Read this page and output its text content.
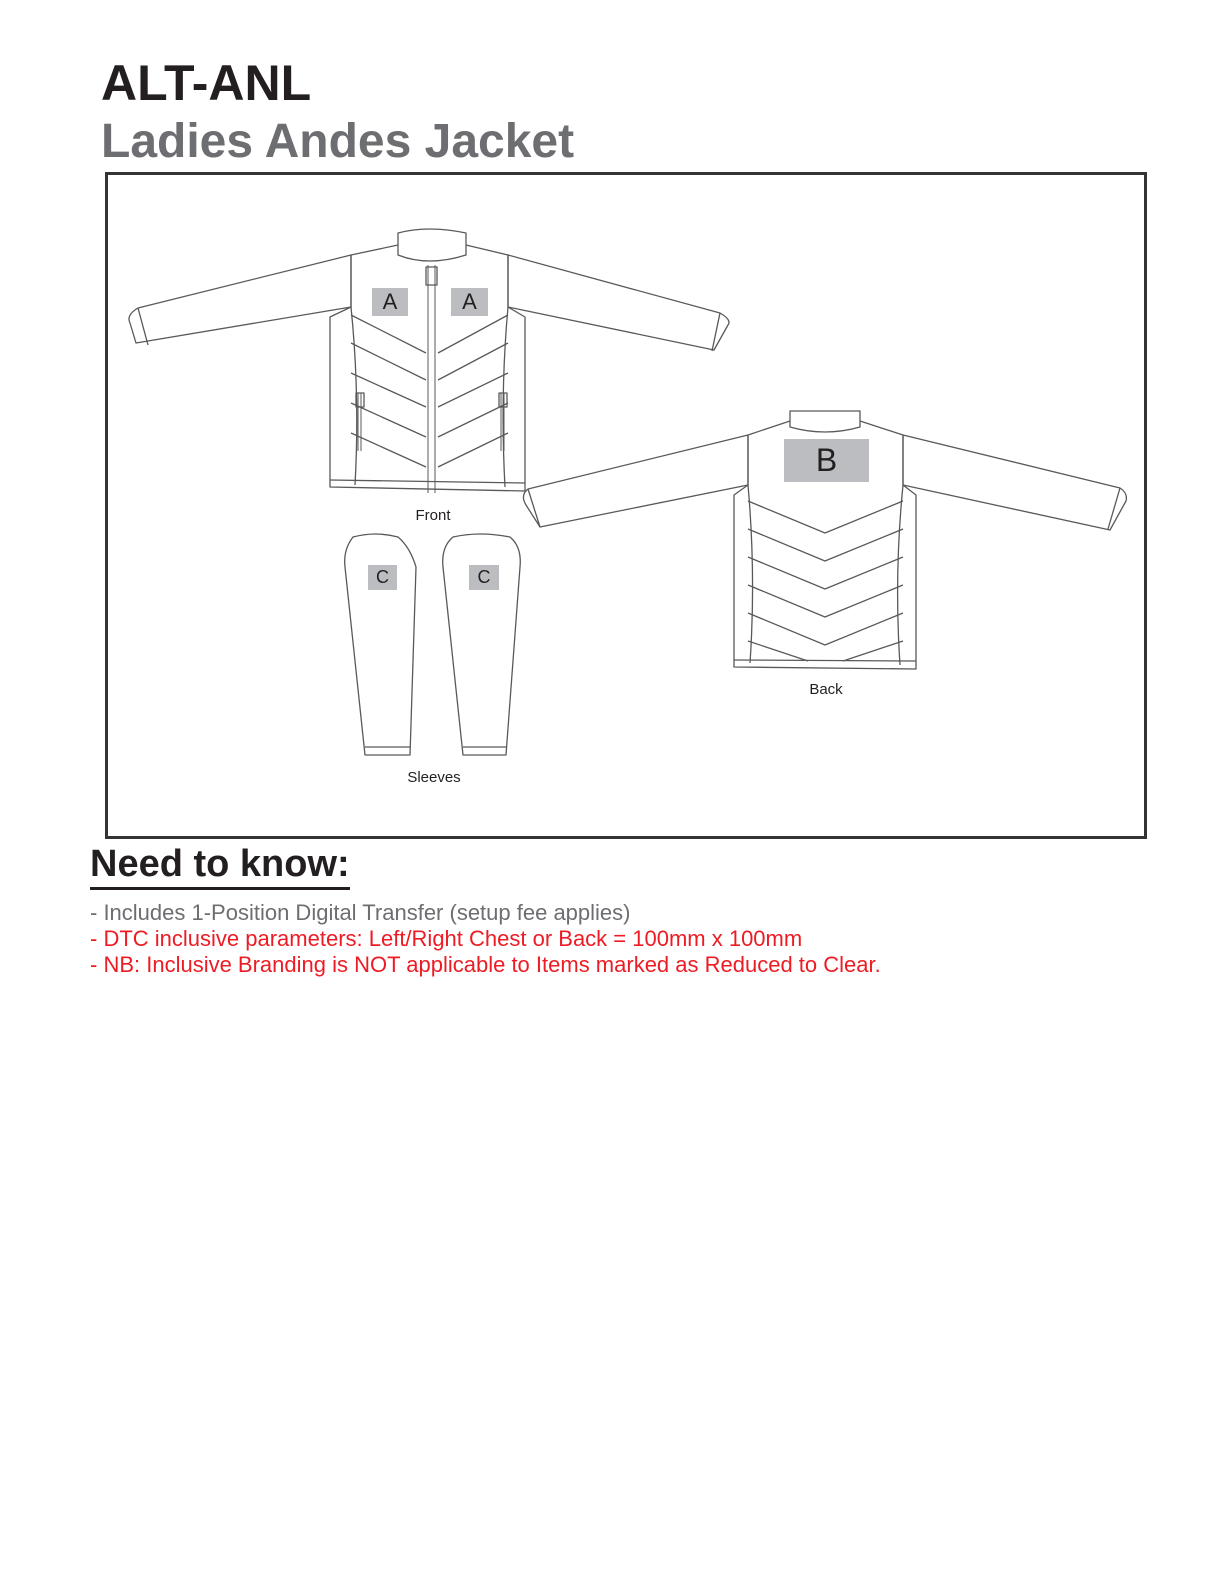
ALT-ANL
Ladies Andes Jacket
A	A
B
C	C
Front
Back
Sleeves
Need to know:
- Includes 1-Position Digital Transfer (setup fee applies)
- DTC inclusive parameters: Left/Right Chest or Back = 100mm x 100mm
- NB: Inclusive Branding is NOT applicable to Items marked as Reduced to Clear.
